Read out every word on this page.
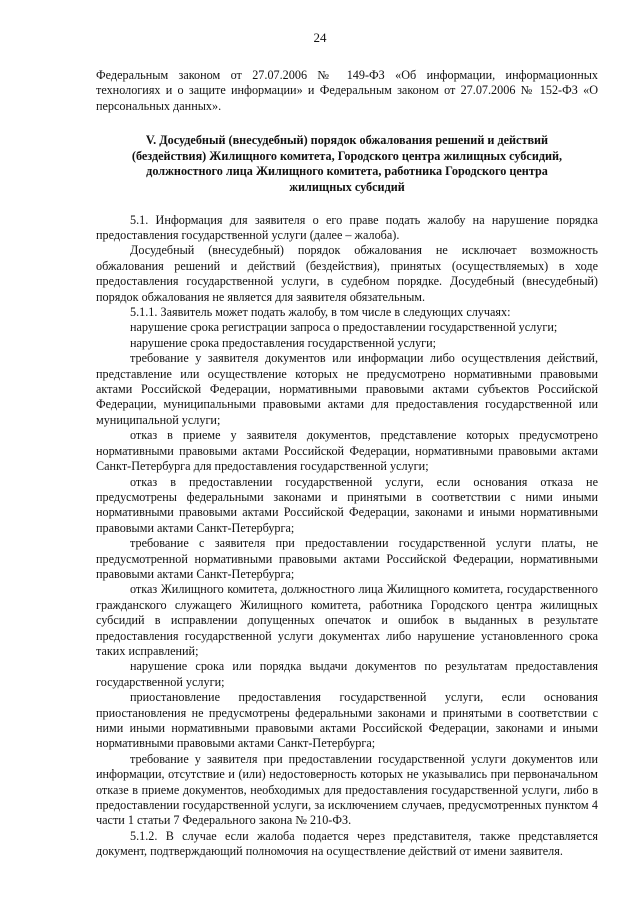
24

Федеральным законом от 27.07.2006 № 149-ФЗ «Об информации, информационных технологиях и о защите информации» и Федеральным законом от 27.07.2006 № 152-ФЗ «О персональных данных».

V. Досудебный (внесудебный) порядок обжалования решений и действий (бездействия) Жилищного комитета, Городского центра жилищных субсидий, должностного лица Жилищного комитета, работника Городского центра жилищных субсидий

5.1. Информация для заявителя о его праве подать жалобу на нарушение порядка предоставления государственной услуги (далее – жалоба).

Досудебный (внесудебный) порядок обжалования не исключает возможность обжалования решений и действий (бездействия), принятых (осуществляемых) в ходе предоставления государственной услуги, в судебном порядке. Досудебный (внесудебный) порядок обжалования не является для заявителя обязательным.

5.1.1. Заявитель может подать жалобу, в том числе в следующих случаях:

нарушение срока регистрации запроса о предоставлении государственной услуги;

нарушение срока предоставления государственной услуги;

требование у заявителя документов или информации либо осуществления действий, представление или осуществление которых не предусмотрено нормативными правовыми актами Российской Федерации, нормативными правовыми актами субъектов Российской Федерации, муниципальными правовыми актами для предоставления государственной или муниципальной услуги;

отказ в приеме у заявителя документов, представление которых предусмотрено нормативными правовыми актами Российской Федерации, нормативными правовыми актами Санкт-Петербурга для предоставления государственной услуги;

отказ в предоставлении государственной услуги, если основания отказа не предусмотрены федеральными законами и принятыми в соответствии с ними иными нормативными правовыми актами Российской Федерации, законами и иными нормативными правовыми актами Санкт-Петербурга;

требование с заявителя при предоставлении государственной услуги платы, не предусмотренной нормативными правовыми актами Российской Федерации, нормативными правовыми актами Санкт-Петербурга;

отказ Жилищного комитета, должностного лица Жилищного комитета, государственного гражданского служащего Жилищного комитета, работника Городского центра жилищных субсидий в исправлении допущенных опечаток и ошибок в выданных в результате предоставления государственной услуги документах либо нарушение установленного срока таких исправлений;

нарушение срока или порядка выдачи документов по результатам предоставления государственной услуги;

приостановление предоставления государственной услуги, если основания приостановления не предусмотрены федеральными законами и принятыми в соответствии с ними иными нормативными правовыми актами Российской Федерации, законами и иными нормативными правовыми актами Санкт-Петербурга;

требование у заявителя при предоставлении государственной услуги документов или информации, отсутствие и (или) недостоверность которых не указывались при первоначальном отказе в приеме документов, необходимых для предоставления государственной услуги, либо в предоставлении государственной услуги, за исключением случаев, предусмотренных пунктом 4 части 1 статьи 7 Федерального закона № 210-ФЗ.

5.1.2. В случае если жалоба подается через представителя, также представляется документ, подтверждающий полномочия на осуществление действий от имени заявителя.
